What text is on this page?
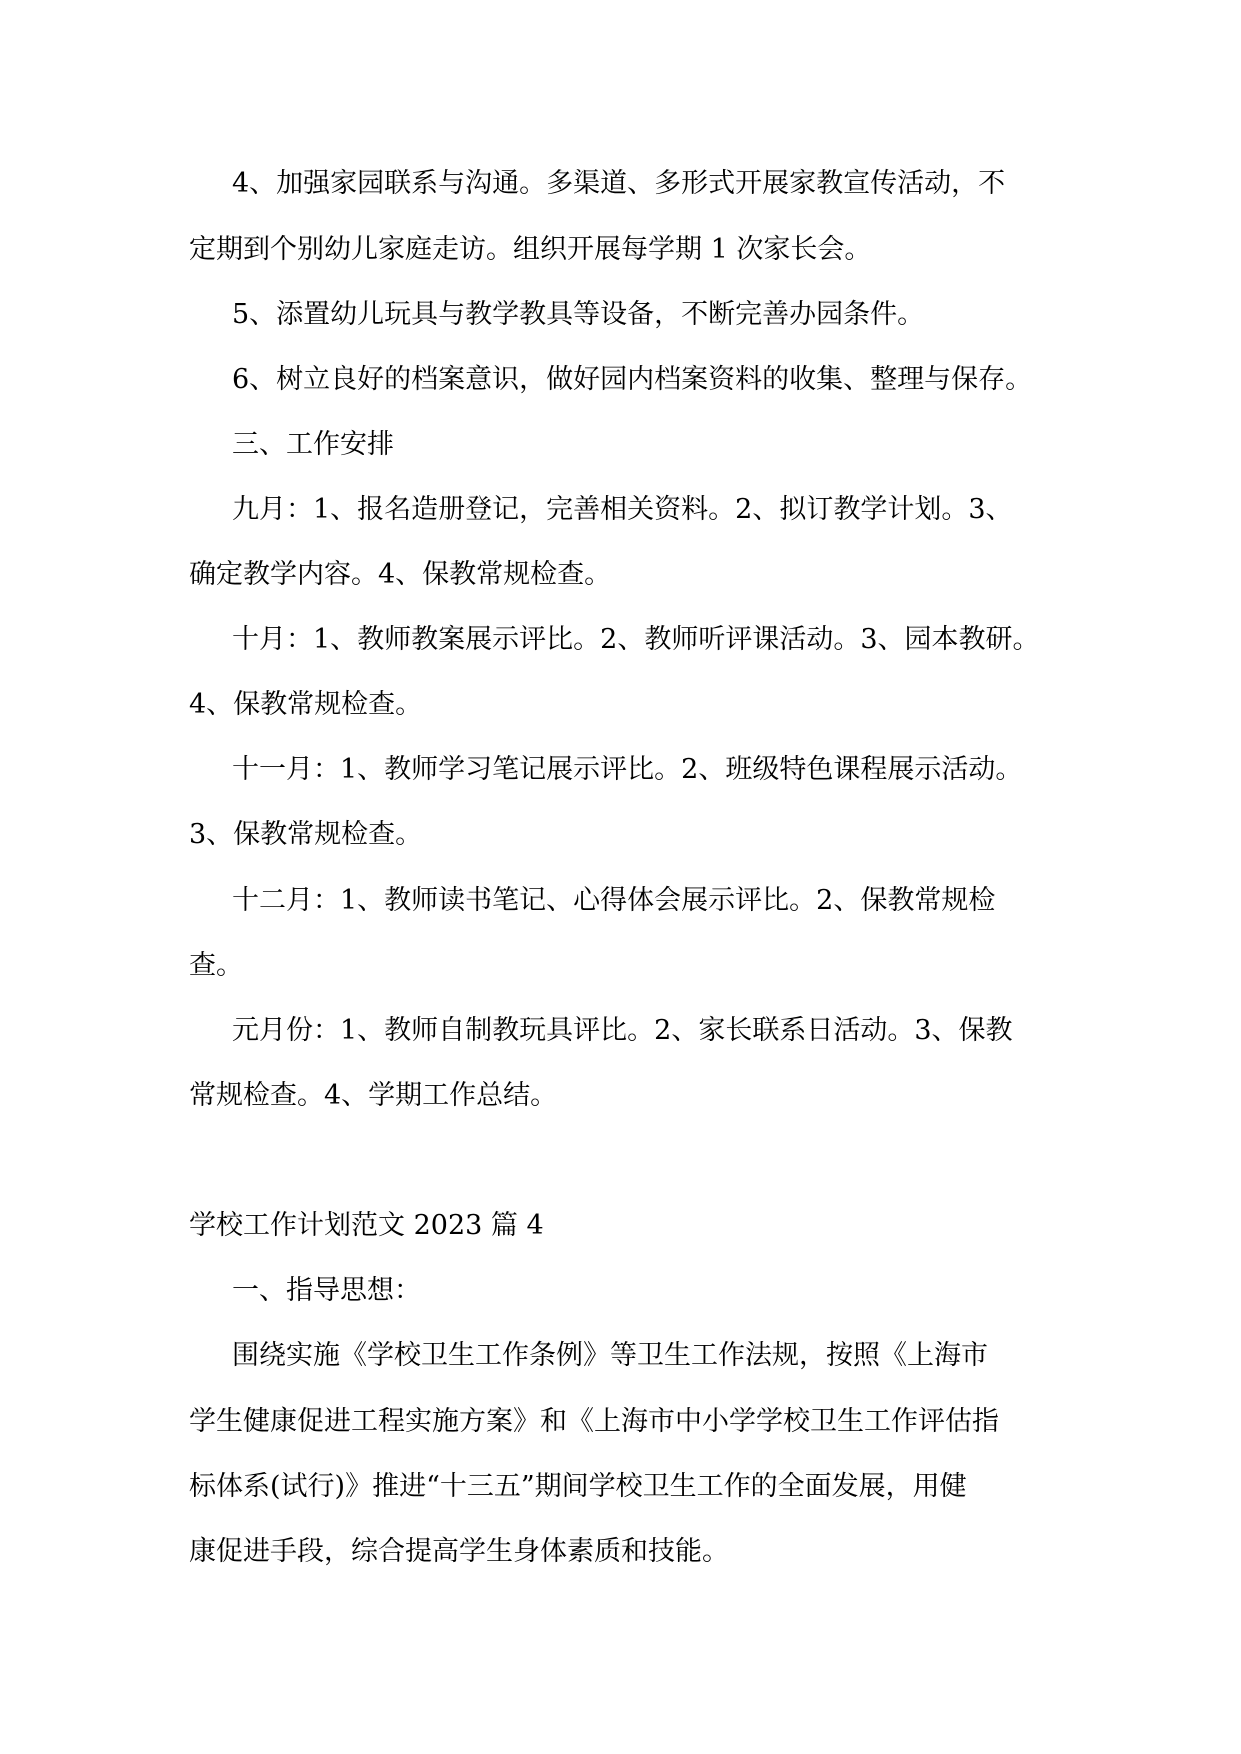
4、加强家园联系与沟通。多渠道、多形式开展家教宣传活动，不

定期到个别幼儿家庭走访。组织开展每学期 1 次家长会。

5、添置幼儿玩具与教学教具等设备，不断完善办园条件。

6、树立良好的档案意识，做好园内档案资料的收集、整理与保存。

三、工作安排

九月：1、报名造册登记，完善相关资料。2、拟订教学计划。3、

确定教学内容。4、保教常规检查。

十月：1、教师教案展示评比。2、教师听评课活动。3、园本教研。

4、保教常规检查。

十一月：1、教师学习笔记展示评比。2、班级特色课程展示活动。

3、保教常规检查。

十二月：1、教师读书笔记、心得体会展示评比。2、保教常规检

查。

元月份：1、教师自制教玩具评比。2、家长联系日活动。3、保教

常规检查。4、学期工作总结。

学校工作计划范文 2023 篇 4

一、指导思想：

围绕实施《学校卫生工作条例》等卫生工作法规，按照《上海市

学生健康促进工程实施方案》和《上海市中小学学校卫生工作评估指

标体系(试行)》推进“十三五”期间学校卫生工作的全面发展，用健

康促进手段，综合提高学生身体素质和技能。
